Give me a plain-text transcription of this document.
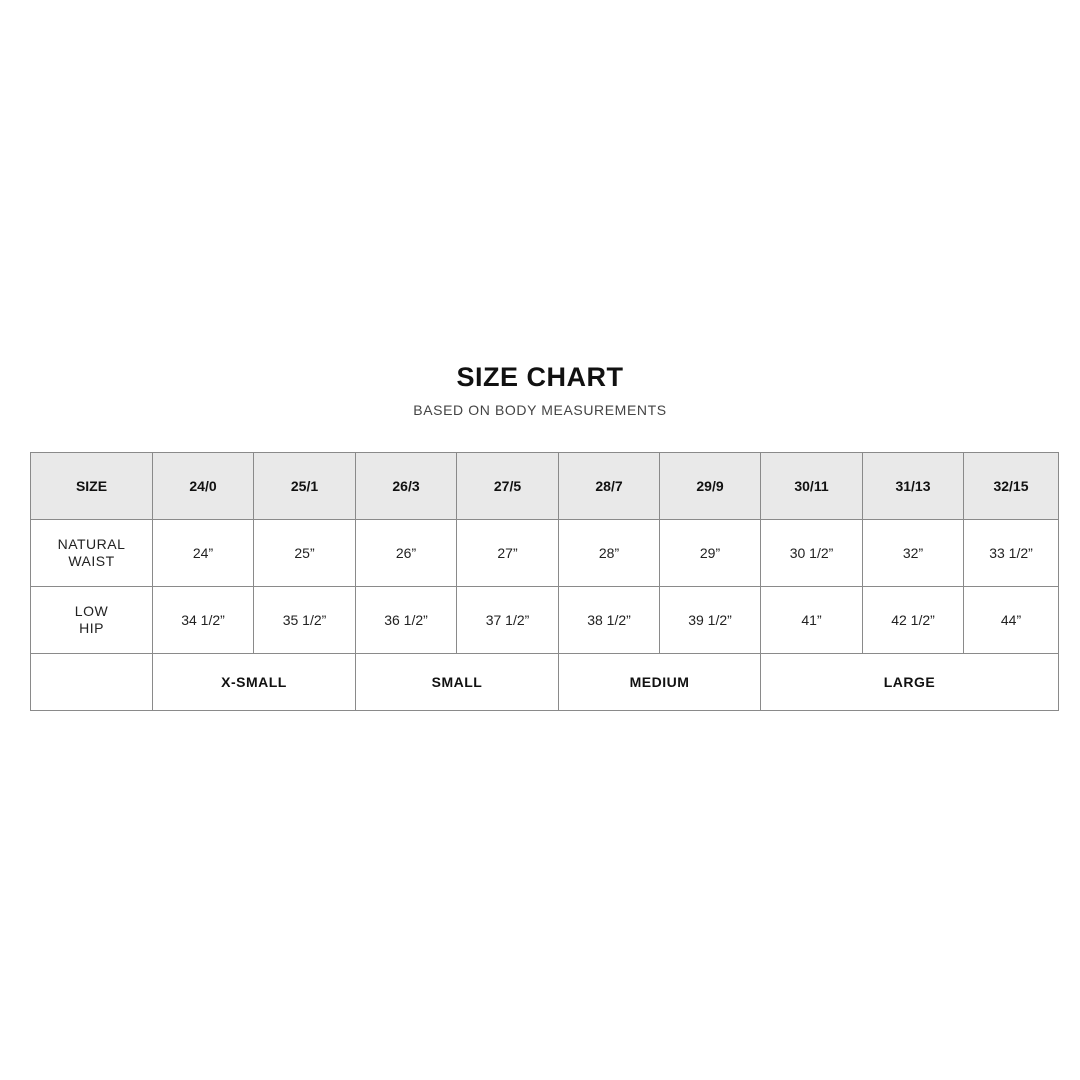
SIZE CHART
BASED ON BODY MEASUREMENTS
SIZE	24/0	25/1	26/3	27/5	28/7	29/9	30/11	31/13	32/15

NATURAL
WAIST	24”	25”	26”	27”	28”	29”	30 1/2”	32”	33 1/2”

LOW
HIP	34 1/2”	35 1/2”	36 1/2”	37 1/2”	38 1/2”	39 1/2”	41”	42 1/2”	44”
	X-SMALL		SMALL		MEDIUM		LARGE		
